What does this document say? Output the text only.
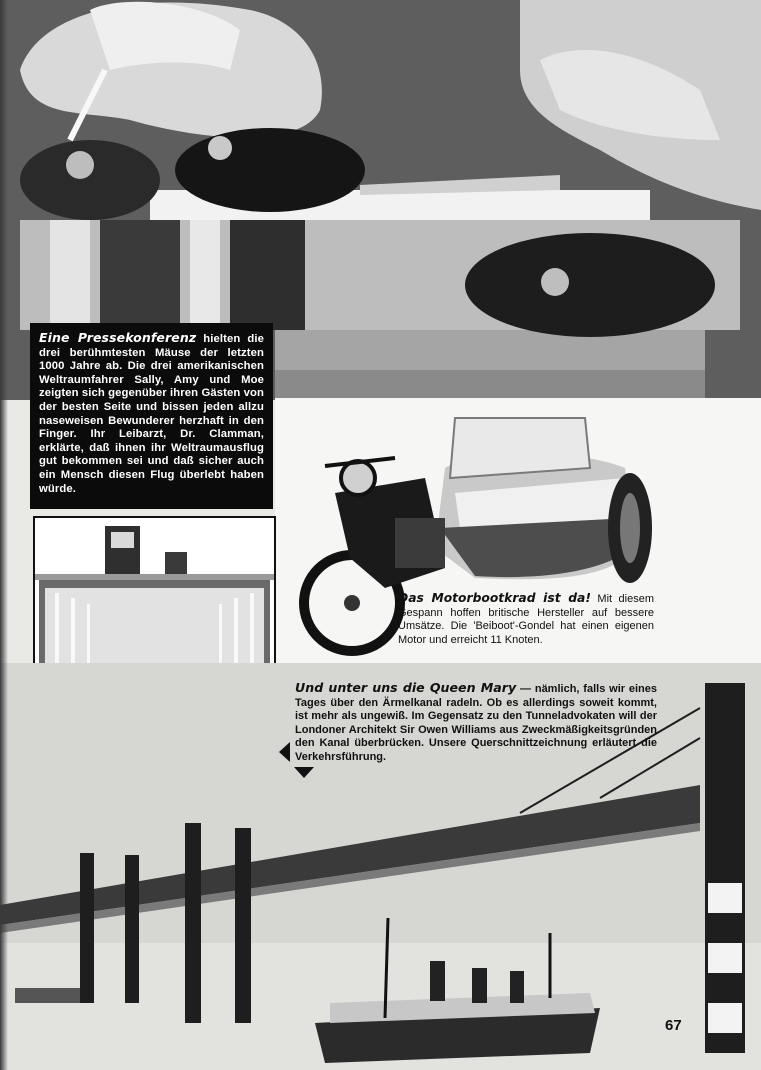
Eine Pressekonferenz hielten die drei berühmtesten Mäuse der letzten 1000 Jahre ab. Die drei amerikanischen Weltraumfahrer Sally, Amy und Moe zeigten sich gegenüber ihren Gästen von der besten Seite und bissen jeden allzu naseweisen Bewunderer herzhaft in den Finger. Ihr Leibarzt, Dr. Clamman, erklärte, daß ihnen ihr Weltraumausflug gut bekommen sei und daß sicher auch ein Mensch diesen Flug überlebt haben würde.
Das Motorbootkrad ist da! Mit diesem Gespann hoffen britische Hersteller auf bessere Umsätze. Die 'Beiboot'-Gondel hat einen eigenen Motor und erreicht 11 Knoten.
Und unter uns die Queen Mary — nämlich, falls wir eines Tages über den Ärmelkanal radeln. Ob es allerdings soweit kommt, ist mehr als ungewiß. Im Gegensatz zu den Tunneladvokaten will der Londoner Architekt Sir Owen Williams aus Zweckmäßigkeitsgründen den Kanal überbrücken. Unsere Querschnittzeichnung erläutert die Verkehrsführung.
67
